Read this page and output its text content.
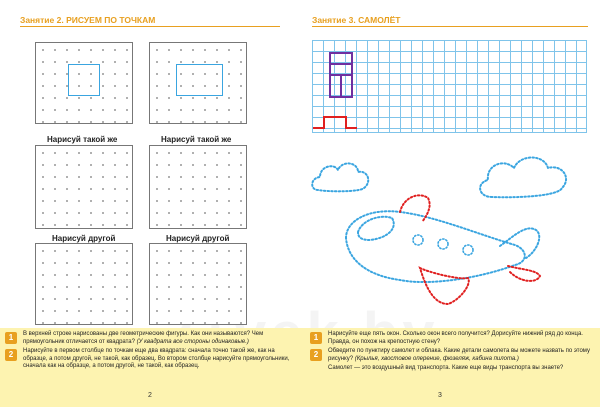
Занятие 2. РИСУЕМ ПО ТОЧКАМ
Нарисуй такой же	Нарисуй такой же
Нарисуй другой	Нарисуй другой
1	В верхней строке нарисованы две геометрические фигуры. Как они называются? Чем прямоугольник отличается от квадрата? (У квадрата все стороны одинаковые.)
2	Нарисуйте в первом столбце по точкам еще два квадрата: сначала точно такой же, как на образце, а потом другой, не такой, как образец. Во втором столбце нарисуйте прямоугольники, сначала как на образце, а потом другой, не такой, как образец.
2
Занятие 3. САМОЛЁТ
1	Нарисуйте еще пять окон. Сколько окон всего получится? Дорисуйте нижний ряд до конца. Правда, он похож на крепостную стену?
2	Обведите по пунктиру самолет и облака. Какие детали самолета вы можете назвать по этому рисунку? (Крылья, хвостовое оперение, фюзеляж, кабина пилота.)
Самолет — это воздушный вид транспорта. Какие еще виды транспорта вы знаете?
3
